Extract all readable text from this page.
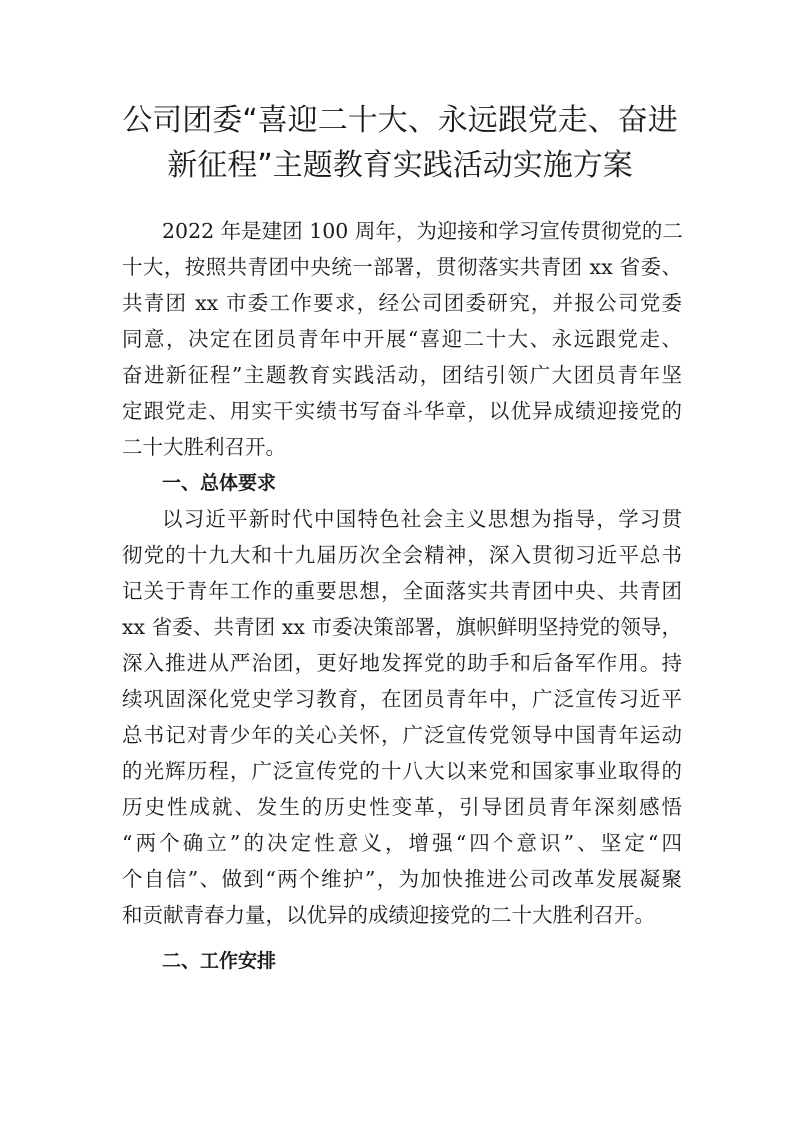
公司团委“喜迎二十大、永远跟党走、奋进
新征程”主题教育实践活动实施方案
2022 年是建团 100 周年，为迎接和学习宣传贯彻党的二
十大，按照共青团中央统一部署，贯彻落实共青团 xx 省委、
共青团 xx 市委工作要求，经公司团委研究，并报公司党委
同意，决定在团员青年中开展“喜迎二十大、永远跟党走、
奋进新征程”主题教育实践活动，团结引领广大团员青年坚
定跟党走、用实干实绩书写奋斗华章，以优异成绩迎接党的
二十大胜利召开。
一、总体要求
以习近平新时代中国特色社会主义思想为指导，学习贯
彻党的十九大和十九届历次全会精神，深入贯彻习近平总书
记关于青年工作的重要思想，全面落实共青团中央、共青团
xx 省委、共青团 xx 市委决策部署，旗帜鲜明坚持党的领导，
深入推进从严治团，更好地发挥党的助手和后备军作用。持
续巩固深化党史学习教育，在团员青年中，广泛宣传习近平
总书记对青少年的关心关怀，广泛宣传党领导中国青年运动
的光辉历程，广泛宣传党的十八大以来党和国家事业取得的
历史性成就、发生的历史性变革，引导团员青年深刻感悟
“两个确立”的决定性意义，增强“四个意识”、坚定“四
个自信”、做到“两个维护”，为加快推进公司改革发展凝聚
和贡献青春力量，以优异的成绩迎接党的二十大胜利召开。
二、工作安排
